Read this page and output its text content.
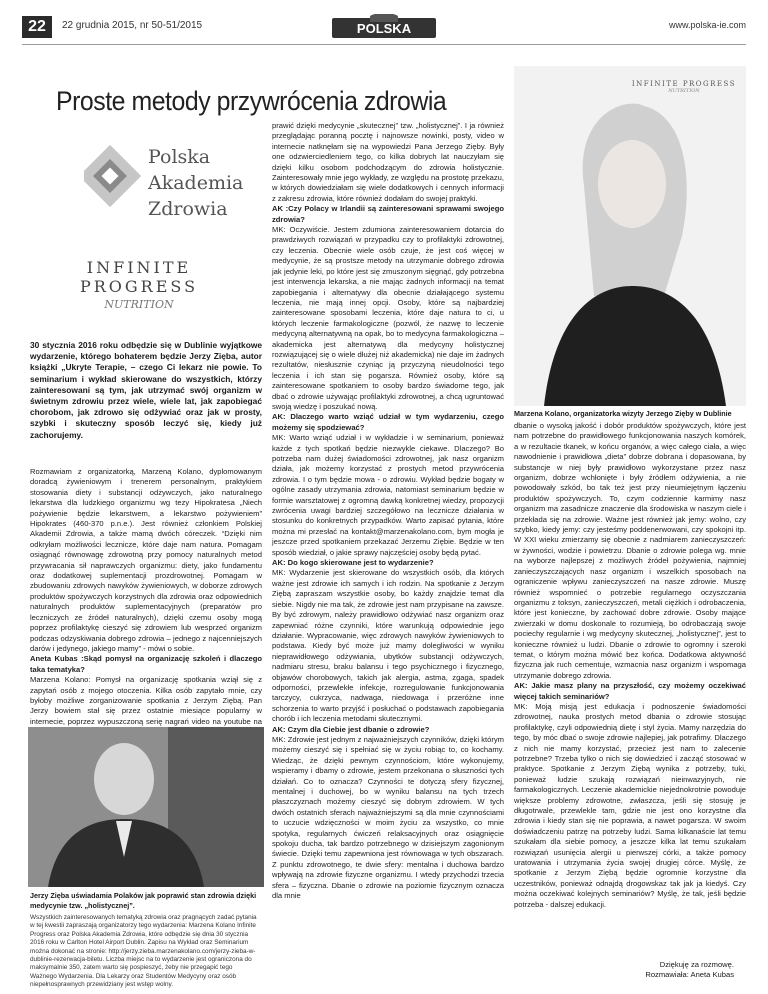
22	22 grudnia 2015, nr 50-51/2015	POLSKA	www.polska-ie.com
Proste metody przywrócenia zdrowia
Polska
Akademia
Zdrowia
INFINITE PROGRESS
NUTRITION
30 stycznia 2016 roku odbędzie się w Dublinie wyjątkowe wydarzenie, którego bohaterem będzie Jerzy Zięba, autor książki „Ukryte Terapie, – czego Ci lekarz nie powie. To seminarium i wykład skierowane do wszystkich, którzy zainteresowani są tym, jak utrzymać swój organizm w świetnym zdrowiu przez wiele, wiele lat, jak zapobiegać chorobom, jak zdrowo się odżywiać oraz jak w prosty, szybki i skuteczny sposób leczyć się, kiedy już zachorujemy.

Rozmawiam z organizatorką, Marzeną Kolano, dyplomowanym doradcą żywieniowym i trenerem personalnym, praktykiem stosowania diety i substancji odżywczych, jako naturalnego lekarstwa dla ludzkiego organizmu wg tezy Hipokratesa „Niech pożywienie będzie lekarstwem, a lekarstwo pożywieniem” Hipokrates (460-370 p.n.e.). Jest również członkiem Polskiej Akademii Zdrowia, a także mamą dwóch córeczek. “Dzięki nim odkryłam możliwości lecznicze, które daje nam natura. Pomagam osiągnąć równowagę zdrowotną przy pomocy naturalnych metod przywracania sił naprawczych organizmu: diety, jako fundamentu oraz dodatkowej suplementacji prozdrowotnej. Pomagam w zbudowaniu zdrowych nawyków żywieniowych, w doborze zdrowych produktów spożywczych korzystnych dla zdrowia oraz odpowiednich naturalnych produktów suplementacyjnych (preparatów pro leczniczych ze źródeł naturalnych), dzięki czemu osoby mogą poprzez profilaktykę cieszyć się zdrowiem lub wesprzeć organizm podczas odzyskiwania dobrego zdrowia – jednego z najcenniejszych darów i jedynego, jakiego mamy” - mówi o sobie.

Aneta Kubas :Skąd pomysł na organizację szkoleń i dlaczego taka tematyka?

Marzena Kolano: Pomysł na organizację spotkania wziął się z zapytań osób z mojego otoczenia. Kilka osób zapytało mnie, czy byłoby możliwe zorganizowanie spotkania z Jerzym Ziębą. Pan Jerzy bowiem stał się przez ostatnie miesiące popularny w internecie, poprzez wypuszczoną serię nagrań video na youtube na

Jerzy Zięba uświadamia Polaków jak poprawić stan zdrowia dzięki medycynie tzw. „holistycznej”.
Wszystkich zainteresowanych tematyką zdrowia oraz pragnących zadać pytania w tej kwestii zapraszają organizatorzy tego wydarzenia: Marzena Kolano Infinite Progress oraz Polska Akademia Zdrowia, które odbędzie się dnia 30 stycznia 2016 roku w Carlton Hotel Airport Dublin. Zapisu na Wykład oraz Seminarium można dokonać na stronie: http://jerzy.zieba.marzenakolano.com/jerzy-zieba-w-dublinie-rezerwacja-biletu. Liczba miejsc na to wydarzenie jest ograniczona do maksymalnie 350, zatem warto się pospieszyć, żeby nie przegapić tego Ważnego Wydarzenia. Dla Lekarzy oraz Studentów Medycyny oraz osób niepełnosprawnych przewidziany jest wstęp wolny.

prawić dzięki medycynie „skutecznej” tzw. „holistycznej”. I ja również przeglądając poranną pocztę i najnowsze nowinki, posty, video w internecie natknęłam się na wypowiedzi Pana Jerzego Zięby. Były one odzwierciedleniem tego, co kilka dobrych lat nauczyłam się dzięki kilku osobom podchodzącym do zdrowia holistycznie. Zainteresowały mnie jego wykłady, ze względu na prostotę przekazu, w których dowiedziałam się wiele dodatkowych i cennych informacji z zakresu zdrowia, które również dodałam do swojej praktyki.

AK :Czy Polacy w Irlandii są zainteresowani sprawami swojego zdrowia?

MK: Oczywiście. Jestem zdumiona zainteresowaniem dotarcia do prawdziwych rozwiązań w przypadku czy to profilaktyki zdrowotnej, czy leczenia. Obecnie wiele osób czuje, że jest coś więcej w medycynie, że są prostsze metody na utrzymanie dobrego zdrowia jak jedynie leki, po które jest się zmuszonym sięgnąć, gdy potrzebna jest interwencja lekarska, a nie mając żadnych informacji na temat zapobiegania i alternatywy dla obecnie działającego systemu leczenia, nie mają innej opcji. Osoby, które są najbardziej zainteresowane sposobami leczenia, które daje natura to ci, u których leczenie farmakologiczne (pozwól, że nazwę to leczenie medycyną alternatywną na opak, bo to medycyna farmakologiczna – akademicka jest alternatywą dla medycyny holistycznej rozwiązującej się o wiele dłużej niż akademicka) nie daje im żadnych rezultatów, niesłusznie czyniąc ją przyczyną nieudolności tego leczenia i ich stan się pogarsza. Również osoby, które są zainteresowane spotkaniem to osoby bardzo świadome tego, jak dbać o zdrowie używając profilaktyki zdrowotnej, a chcą ugruntować swoją wiedzę i poszukać nową.

AK: Dlaczego warto wziąć udział w tym wydarzeniu, czego możemy się spodziewać?

MK: Warto wziąć udział i w wykładzie i w seminarium, ponieważ każde z tych spotkań będzie niezwykle ciekawe. Dlaczego? Bo potrzeba nam dużej świadomości zdrowotnej, jak nasz organizm działa, jak możemy korzystać z prostych metod przywrócenia zdrowia. I o tym będzie mowa - o zdrowiu. Wykład będzie bogaty w ogólne zasady utrzymania zdrowia, natomiast seminarium będzie w formie warsztatowej z ogromną dawką konkretnej wiedzy, propozycji zwrócenia uwagi bardziej szczegółowo na lecznicze działania w stosunku do konkretnych przypadków. Warto zapisać pytania, które można mi przesłać na kontakt@marzenakolano.com, bym mogła je jeszcze przed spotkaniem przekazać Jerzemu Ziębie. Będzie w ten sposób wiedział, o jakie sprawy najczęściej osoby będą pytać.

AK: Do kogo skierowane jest to wydarzenie?

MK: Wydarzenie jest skierowane do wszystkich osób, dla których ważne jest zdrowie ich samych i ich rodzin. Na spotkanie z Jerzym Ziębą zapraszam wszystkie osoby, bo każdy znajdzie temat dla siebie. Nigdy nie ma tak, że zdrowie jest nam przypisane na zawsze. By być zdrowym, należy prawidłowo odżywiać nasz organizm oraz zapewniać różne czynniki, które warunkują odpowiednie jego działanie. Wypracowanie, więc zdrowych nawyków żywieniowych to podstawa. Kiedy być może już mamy dolegliwości w wyniku nieprawidłowego odżywiania, ubytków substancji odżywczych, nadmiaru stresu, braku balansu i tego psychicznego i fizycznego, objawów chorobowych, takich jak alergia, astma, zgaga, spadek odporności, przewlekłe infekcje, rozregulowanie funkcjonowania tarczycy, cukrzyca, nadwaga, niedowaga i przeróżne inne schorzenia to warto przyjść i posłuchać o podstawach zapobiegania chorób i ich leczenia metodami skutecznymi.

AK: Czym dla Ciebie jest dbanie o zdrowie?

MK: Zdrowie jest jednym z najważniejszych czynników, dzięki którym możemy cieszyć się i spełniać się w życiu robiąc to, co kochamy. Wiedząc, że dzięki pewnym czynnościom, które wykonujemy, wspieramy i dbamy o zdrowie, jestem przekonana o słuszności tych działań. Co to oznacza? Czynności te dotyczą sfery fizycznej, mentalnej i duchowej, bo w wyniku balansu na tych trzech płaszczyznach możemy cieszyć się dobrym zdrowiem. W tych dwóch ostatnich sferach najważniejszymi są dla mnie czynnościami to uczucie wdzięczności w moim życiu za wszystko, co mnie spotyka, regularnych ćwiczeń relaksacyjnych oraz osiągnięcie spokoju ducha, tak bardzo potrzebnego w dzisiejszym zagonionym świecie. Dzięki temu zapewniona jest równowaga w tych obszarach. Z punktu zdrowotnego, te dwie sfery: mentalna i duchowa bardzo wpływają na zdrowie fizyczne organizmu. I wtedy przychodzi trzecia sfera – fizyczna. Dbanie o zdrowie na poziomie fizycznym oznacza dla mnie

INFINITE PROGRESS
NUTRITION
Marzena Kolano, organizatorka wizyty Jerzego Zięby w Dublinie

dbanie o wysoką jakość i dobór produktów spożywczych, które jest nam potrzebne do prawidłowego funkcjonowania naszych komórek, a w rezultacie tkanek, w końcu organów, a więc całego ciała, a więc nawodnienie i prawidłowa „dieta” dobrze dobrana i dopasowana, by substancje w niej były prawidłowo wykorzystane przez nasz organizm, dobrze wchłonięte i były źródłem odżywienia, a nie powodowały szkód, bo tak też jest przy nieumiejętnym łączeniu produktów spożywczych. To, czym codziennie karmimy nasz organizm ma zasadnicze znaczenie dla środowiska w naszym ciele i przekłada się na zdrowie. Ważne jest również jak jemy: wolno, czy szybko, kiedy jemy: czy jesteśmy poddenerwowani, czy spokojni itp. W XXI wieku zmierzamy się obecnie z nadmiarem zanieczyszczeń: w żywności, wodzie i powietrzu. Dbanie o zdrowie polega wg. mnie na wyborze najlepszej z możliwych źródeł pożywienia, najmniej zanieczyszczających nasz organizm i wszelkich sposobach na ograniczenie wpływu zanieczyszczeń na nasze zdrowie. Muszę również wspomnieć o potrzebie regularnego oczyszczania organizmu z toksyn, zanieczyszczeń, metali ciężkich i odrobaczenia, które jest konieczne, by zachować dobre zdrowie. Osoby mające zwierzaki w domu doskonale to rozumieją, bo odrobaczają swoje pociechy regularnie i wg medycyny skutecznej, „holistycznej”, jest to konieczne również u ludzi. Dbanie o zdrowie to ogromny i szeroki temat, o którym można mówić bez końca. Dodatkowa aktywność fizyczna jak ruch cementuje, wzmacnia nasz organizm i wspomaga utrzymanie dobrego zdrowia.

AK: Jakie masz plany na przyszłość, czy możemy oczekiwać więcej takich seminariów?

MK: Moją misją jest edukacja i podnoszenie świadomości zdrowotnej, nauka prostych metod dbania o zdrowie stosując profilaktykę, czyli odpowiednią dietę i styl życia. Mamy narzędzia do tego, by móc dbać o swoje zdrowie najlepiej, jak potrafimy. Dlaczego z nich nie mamy korzystać, przecież jest nam to zalecenie potrzebne? Trzeba tylko o nich się dowiedzieć i zacząć stosować w praktyce. Spotkanie z Jerzym Ziębą wynika z potrzeby, tuki, ponieważ ludzie szukają rozwiązań nieinwazyjnych, nie farmakologicznych. Leczenie akademickie niejednokrotnie powoduje większe problemy zdrowotne, zwłaszcza, jeśli się stosuję je długotrwale, przewlekle tam, gdzie nie jest ono korzystne dla zdrowia i kiedy stan się nie poprawia, a nawet pogarsza. W swoim doświadczeniu patrzę na potrzeby ludzi. Sama kilkanaście lat temu szukałam dla siebie pomocy, a jeszcze kilka lat temu szukałam rozwiązań usunięcia alergii u pierwszej córki, a także pomocy uratowania i utrzymania życia swojej drugiej córce. Myślę, że spotkanie z Jerzym Ziębą będzie ogromnie korzystne dla uczestników, ponieważ odnajdą drogowskaz tak jak ja kiedyś. Czy można oczekiwać kolejnych seminariów? Myślę, że tak, jeśli będzie potrzeba - dalszej edukacji.

Dziękuję za rozmowę.
Rozmawiała: Aneta Kubas
